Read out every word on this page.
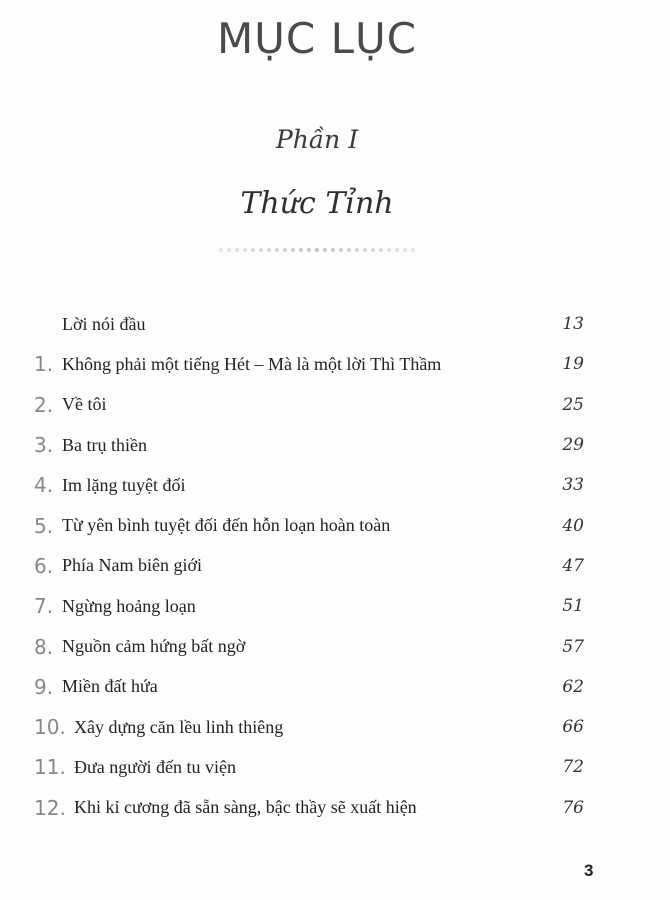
MỤC LỤC
Phần I
Thức Tỉnh
Lời nói đầu	13
1. Không phải một tiếng Hét – Mà là một lời Thì Thầm	19
2. Về tôi	25
3. Ba trụ thiền	29
4. Im lặng tuyệt đối	33
5. Từ yên bình tuyệt đối đến hỗn loạn hoàn toàn	40
6. Phía Nam biên giới	47
7. Ngừng hoảng loạn	51
8. Nguồn cảm hứng bất ngờ	57
9. Miền đất hứa	62
10. Xây dựng căn lều linh thiêng	66
11. Đưa người đến tu viện	72
12. Khi kỉ cương đã sẵn sàng, bậc thầy sẽ xuất hiện	76
3
